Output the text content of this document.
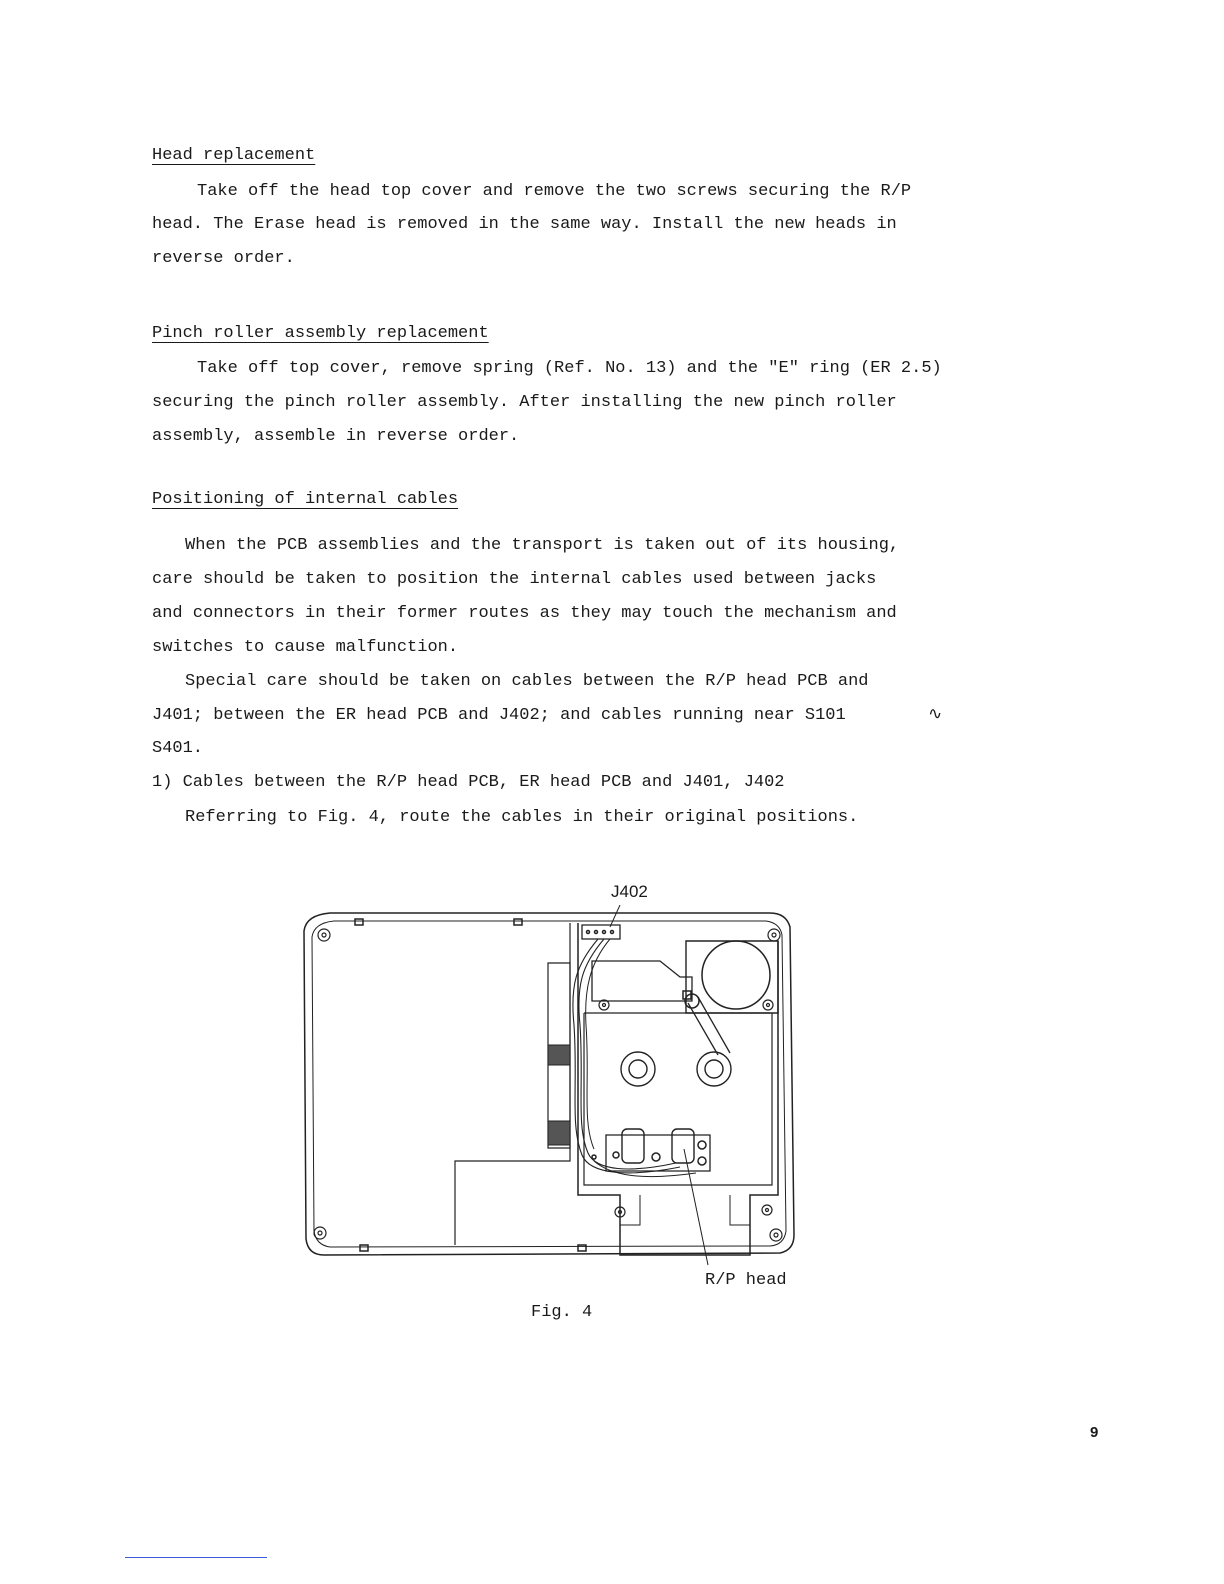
Head replacement

Take off the head top cover and remove the two screws securing the R/P

head. The Erase head is removed in the same way. Install the new heads in

reverse order.

Pinch roller assembly replacement

Take off top cover, remove spring (Ref. No. 13) and the "E" ring (ER 2.5)

securing the pinch roller assembly. After installing the new pinch roller

assembly, assemble in reverse order.

Positioning of internal cables

When the PCB assemblies and the transport is taken out of its housing,

care should be taken to position the internal cables used between jacks

and connectors in their former routes as they may touch the mechanism and

switches to cause malfunction.

Special care should be taken on cables between the R/P head PCB and

J401; between the ER head PCB and J402; and cables running near S101	∿

S401.

1) Cables between the R/P head PCB, ER head PCB and J401, J402

Referring to Fig. 4, route the cables in their original positions.

J402
R/P head
Fig. 4
9
